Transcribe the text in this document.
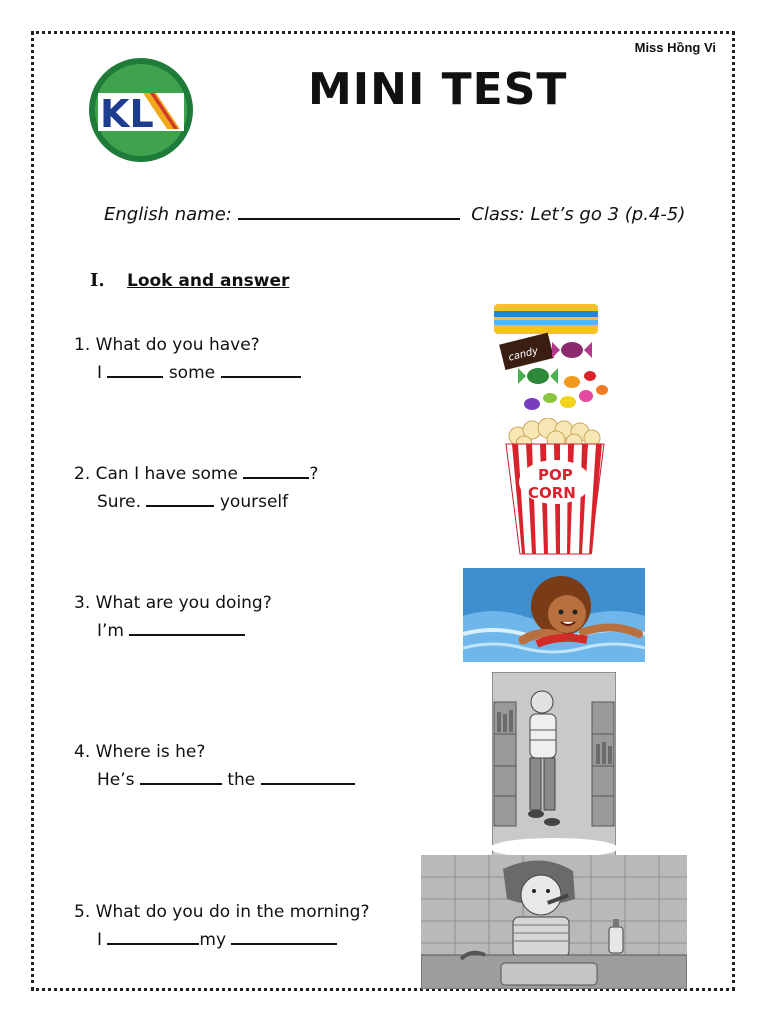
Miss Hồng Vi
KL	MINI TEST
English name:	Class: Let’s go 3 (p.4-5)
I. Look and answer
1. What do you have?
I	some
2. Can I have some	?
Sure.	yourself
3. What are you doing?
I’m
4. Where is he?
He’s	the
5. What do you do in the morning?
I	my
candy
POP
CORN
